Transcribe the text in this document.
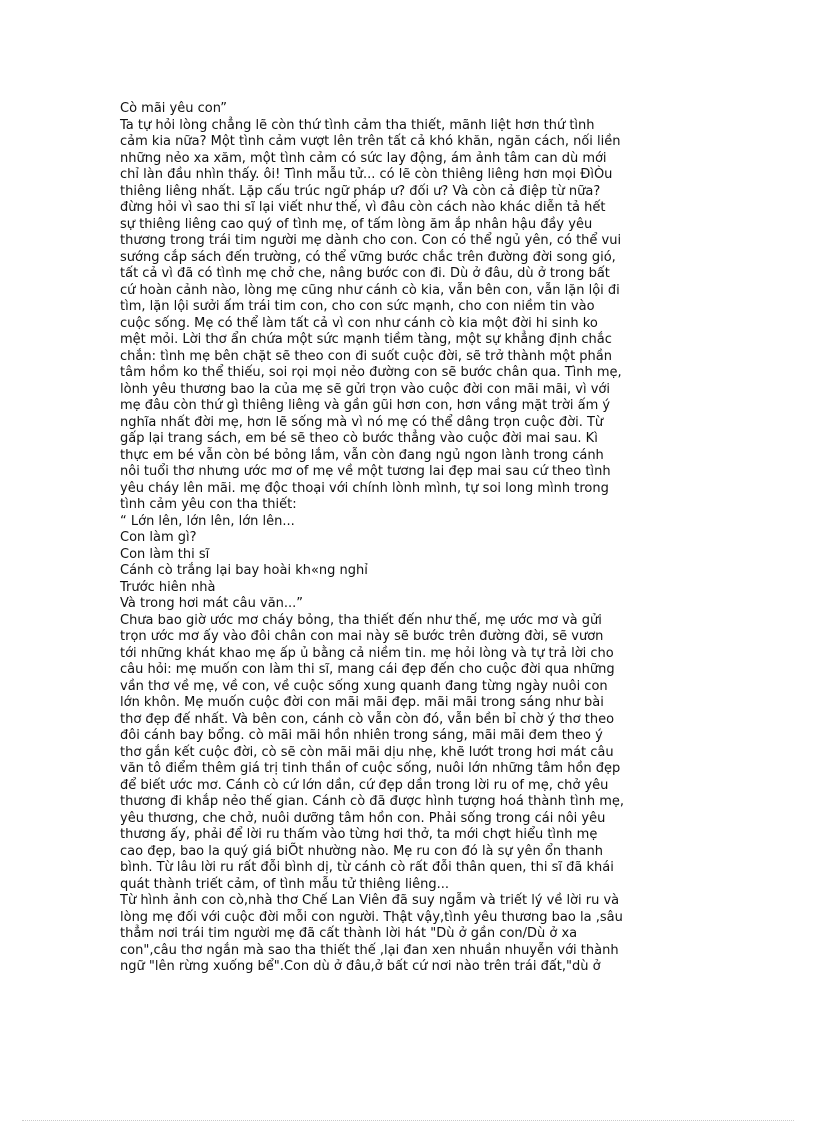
Cò mãi yêu con”
Ta tự hỏi lòng chẳng lẽ còn thứ tình cảm tha thiết, mãnh liệt hơn thứ tình
cảm kia nữa? Một tình cảm vượt lên trên tất cả khó khăn, ngăn cách, nối liền
những nẻo xa xăm, một tình cảm có sức lay động, ám ảnh tâm can dù mới
chỉ làn đầu nhìn thấy. ôi! Tình mẫu tử... có lẽ còn thiêng liêng hơn mọi ĐìÒu
thiêng liêng nhất. Lặp cấu trúc ngữ pháp ư? đối ư? Và còn cả điệp từ nữa?
đừng hỏi vì sao thi sĩ lại viết như thế, vì đâu còn cách nào khác diễn tả hết
sự thiêng liêng cao quý of tình mẹ, of tấm lòng ăm ắp nhân hậu đầy yêu
thương trong trái tim người mẹ dành cho con. Con có thể ngủ yên, có thể vui
sướng cắp sách đến trường, có thể vững bước chắc trên đường đời song gió,
tất cả vì đã có tình mẹ chở che, nâng bước con đi. Dù ở đâu, dù ở trong bất
cứ hoàn cảnh nào, lòng mẹ cũng như cánh cò kia, vẫn bên con, vẫn lặn lội đi
tìm, lặn lội sưởi ấm trái tim con, cho con sức mạnh, cho con niềm tin vào
cuộc sống. Mẹ có thể làm tất cả vì con như cánh cò kia một đời hi sinh ko
mệt mỏi. Lời thơ ẩn chứa một sức mạnh tiềm tàng, một sự khẳng định chắc
chắn: tình mẹ bên chặt sẽ theo con đi suốt cuộc đời, sẽ trở thành một phần
tâm hồm ko thể thiếu, soi rọi mọi nẻo đường con sẽ bước chân qua. Tình mẹ,
lònh yêu thương bao la của mẹ sẽ gửi trọn vào cuộc đời con mãi mãi, vì với
mẹ đâu còn thứ gì thiêng liêng và gần gũi hơn con, hơn vầng mặt trời ấm ý
nghĩa nhất đời mẹ, hơn lẽ sống mà vì nó mẹ có thể dâng trọn cuộc đời. Từ
gấp lại trang sách, em bé sẽ theo cò bước thẳng vào cuộc đời mai sau. Kì
thực em bé vẫn còn bé bỏng lắm, vẫn còn đang ngủ ngon lành trong cánh
nôi tuổi thơ nhưng ước mơ of mẹ về một tương lai đẹp mai sau cứ theo tình
yêu cháy lên mãi. mẹ độc thoại với chính lònh mình, tự soi long mình trong
tình cảm yêu con tha thiết:
“ Lớn lên, lớn lên, lớn lên...
Con làm gì?
Con làm thi sĩ
Cánh cò trắng lại bay hoài kh«ng nghỉ
Trước hiên nhà
Và trong hơi mát câu văn...”
Chưa bao giờ ước mơ cháy bỏng, tha thiết đến như thế, mẹ ước mơ và gửi
trọn ước mơ ấy vào đôi chân con mai này sẽ bước trên đường đời, sẽ vươn
tới những khát khao mẹ ấp ủ bằng cả niềm tin. mẹ hỏi lòng và tự trả lời cho
câu hỏi: mẹ muốn con làm thi sĩ, mang cái đẹp đến cho cuộc đời qua những
vần thơ về mẹ, về con, về cuộc sống xung quanh đang từng ngày nuôi con
lớn khôn. Mẹ muốn cuộc đời con mãi mãi đẹp. mãi mãi trong sáng như bài
thơ đẹp đế nhất. Và bên con, cánh cò vẫn còn đó, vẫn bền bỉ chờ ý thơ theo
đôi cánh bay bổng. cò mãi mãi hồn nhiên trong sáng, mãi mãi đem theo ý
thơ gắn kết cuộc đời, cò sẽ còn mãi mãi dịu nhẹ, khẽ lướt trong hơi mát câu
văn tô điểm thêm giá trị tinh thần of cuộc sống, nuôi lớn những tâm hồn đẹp
để biết ước mơ. Cánh cò cứ lớn dần, cứ đẹp dần trong lời ru of mẹ, chở yêu
thương đi khắp nẻo thế gian. Cánh cò đã được hình tượng hoá thành tình mẹ,
yêu thương, che chở, nuôi dưỡng tâm hồn con. Phải sống trong cái nôi yêu
thương ấy, phải để lời ru thấm vào từng hơi thở, ta mới chợt hiểu tình mẹ
cao đẹp, bao la quý giá biÕt nhường nào. Mẹ ru con đó là sự yên ổn thanh
bình. Từ lâu lời ru rất đỗi bình dị, từ cánh cò rất đỗi thân quen, thi sĩ đã khái
quát thành triết cảm, of tình mẫu tử thiêng liêng...
Từ hình ảnh con cò,nhà thơ Chế Lan Viên đã suy ngẫm và triết lý về lời ru và
lòng mẹ đối với cuộc đời mỗi con người. Thật vậy,tình yêu thương bao la ,sâu
thẳm nơi trái tim người mẹ đã cất thành lời hát "Dù ở gần con/Dù ở xa
con",câu thơ ngắn mà sao tha thiết thế ,lại đan xen nhuần nhuyễn với thành
ngữ "lên rừng xuống bể".Con dù ở đâu,ở bất cứ nơi nào trên trái đất,"dù ở
